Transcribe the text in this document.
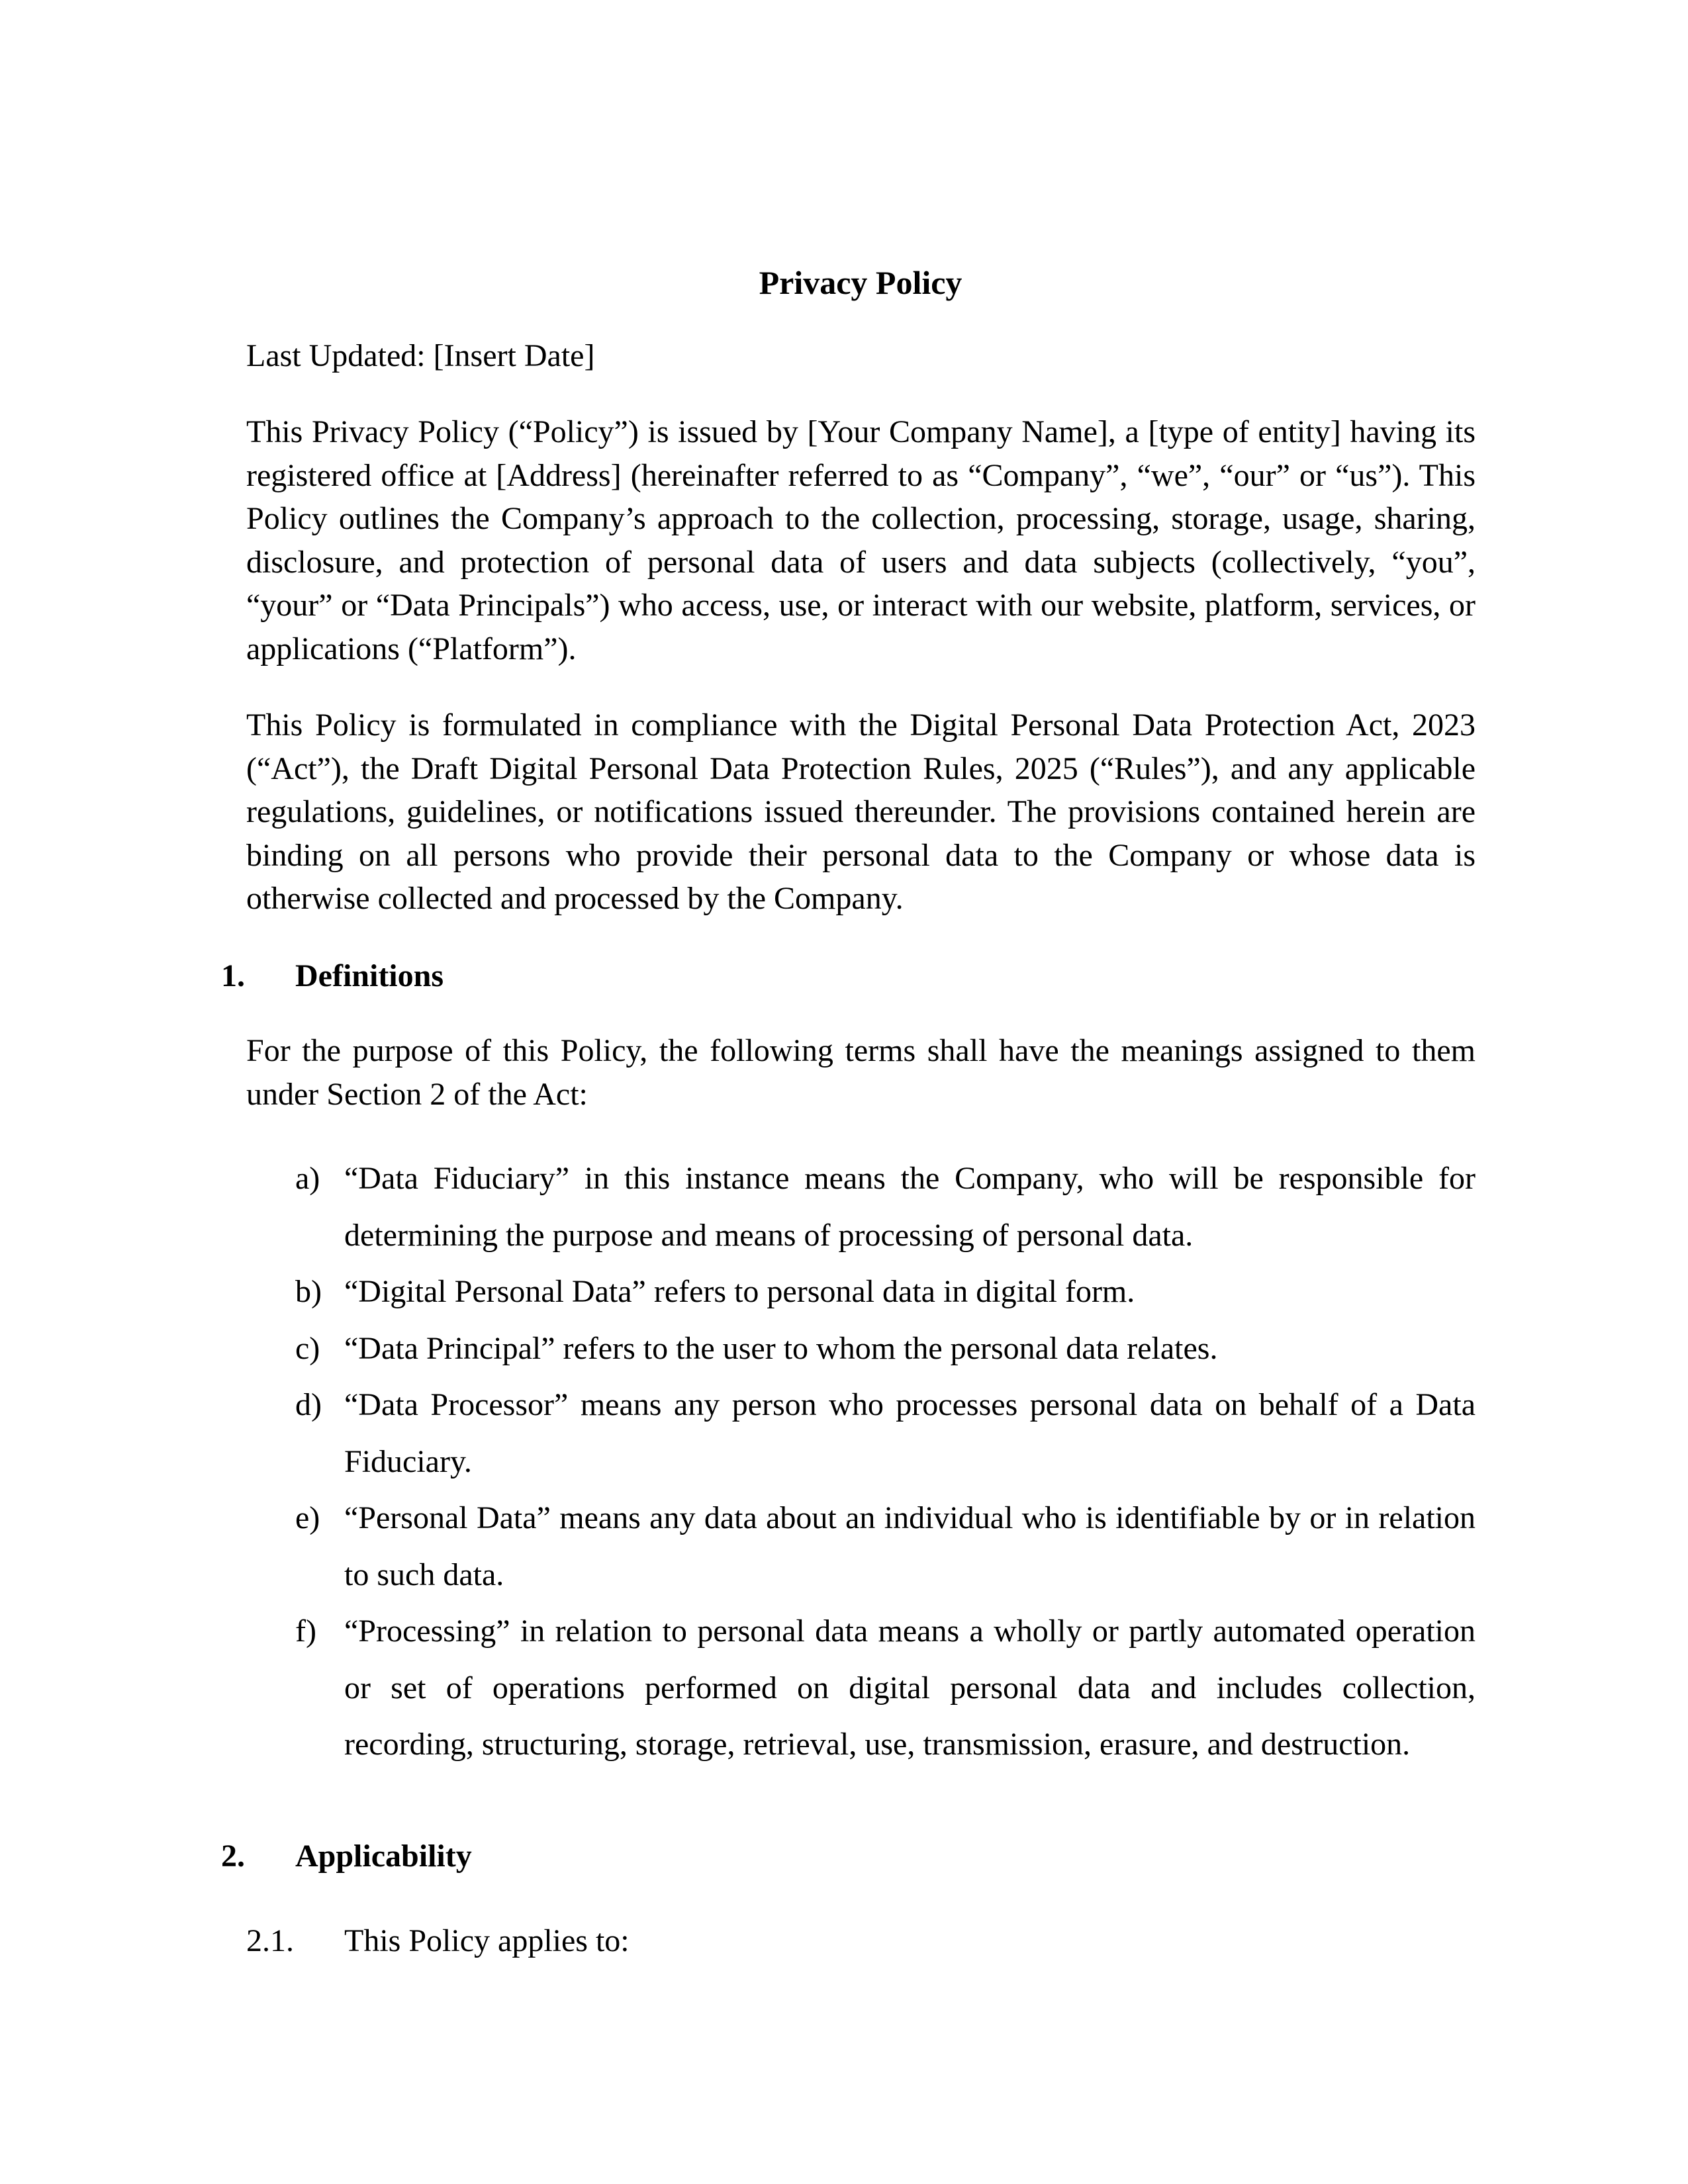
Privacy Policy
Last Updated: [Insert Date]

This Privacy Policy (“Policy”) is issued by [Your Company Name], a [type of entity] having its registered office at [Address] (hereinafter referred to as “Company”, “we”, “our” or “us”). This Policy outlines the Company’s approach to the collection, processing, storage, usage, sharing, disclosure, and protection of personal data of users and data subjects (collectively, “you”, “your” or “Data Principals”) who access, use, or interact with our website, platform, services, or applications (“Platform”).

This Policy is formulated in compliance with the Digital Personal Data Protection Act, 2023 (“Act”), the Draft Digital Personal Data Protection Rules, 2025 (“Rules”), and any applicable regulations, guidelines, or notifications issued thereunder. The provisions contained herein are binding on all persons who provide their personal data to the Company or whose data is otherwise collected and processed by the Company.

1. Definitions

For the purpose of this Policy, the following terms shall have the meanings assigned to them under Section 2 of the Act:

a) “Data Fiduciary” in this instance means the Company, who will be responsible for determining the purpose and means of processing of personal data.
b) “Digital Personal Data” refers to personal data in digital form.
c) “Data Principal” refers to the user to whom the personal data relates.
d) “Data Processor” means any person who processes personal data on behalf of a Data Fiduciary.
e) “Personal Data” means any data about an individual who is identifiable by or in relation to such data.
f) “Processing” in relation to personal data means a wholly or partly automated operation or set of operations performed on digital personal data and includes collection, recording, structuring, storage, retrieval, use, transmission, erasure, and destruction.
2. Applicability
2.1. This Policy applies to:
